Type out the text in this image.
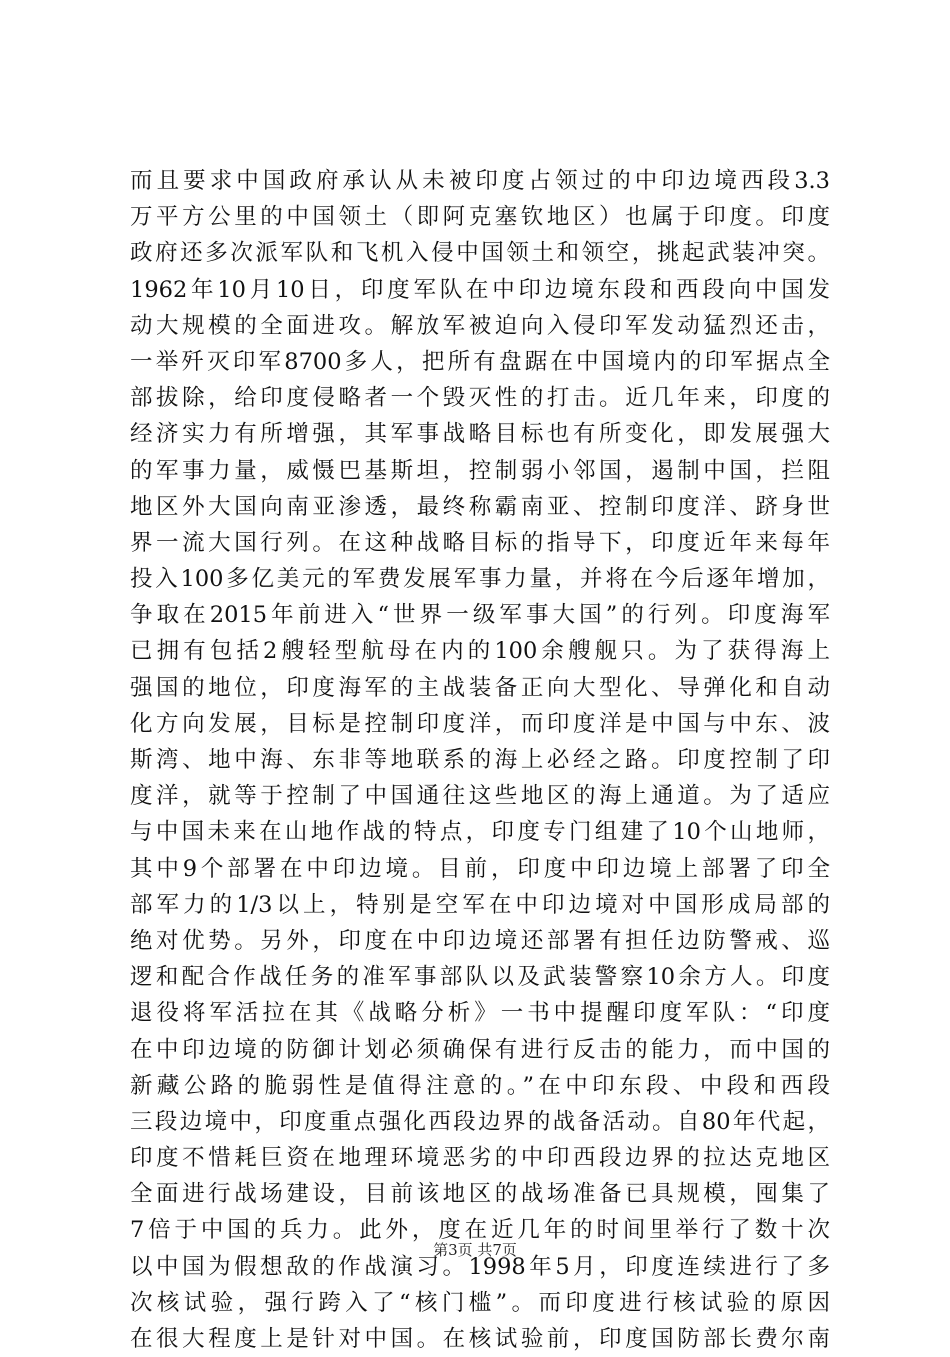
而且要求中国政府承认从未被印度占领过的中印边境西段3.3
万平方公里的中国领土（即阿克塞钦地区）也属于印度。印度
政府还多次派军队和飞机入侵中国领土和领空，挑起武装冲突。
1962年10月10日，印度军队在中印边境东段和西段向中国发
动大规模的全面进攻。解放军被迫向入侵印军发动猛烈还击，
一举歼灭印军8700多人，把所有盘踞在中国境内的印军据点全
部拔除，给印度侵略者一个毁灭性的打击。近几年来，印度的
经济实力有所增强，其军事战略目标也有所变化，即发展强大
的军事力量，威慑巴基斯坦，控制弱小邻国，遏制中国，拦阻
地区外大国向南亚渗透，最终称霸南亚、控制印度洋、跻身世
界一流大国行列。在这种战略目标的指导下，印度近年来每年
投入100多亿美元的军费发展军事力量，并将在今后逐年增加，
争取在2015年前进入“世界一级军事大国”的行列。印度海军
已拥有包括2艘轻型航母在内的100余艘舰只。为了获得海上
强国的地位，印度海军的主战装备正向大型化、导弹化和自动
化方向发展，目标是控制印度洋，而印度洋是中国与中东、波
斯湾、地中海、东非等地联系的海上必经之路。印度控制了印
度洋，就等于控制了中国通往这些地区的海上通道。为了适应
与中国未来在山地作战的特点，印度专门组建了10个山地师，
其中9个部署在中印边境。目前，印度中印边境上部署了印全
部军力的1/3以上，特别是空军在中印边境对中国形成局部的
绝对优势。另外，印度在中印边境还部署有担任边防警戒、巡
逻和配合作战任务的准军事部队以及武装警察10余方人。印度
退役将军活拉在其《战略分析》一书中提醒印度军队：“印度
在中印边境的防御计划必须确保有进行反击的能力，而中国的
新藏公路的脆弱性是值得注意的。”在中印东段、中段和西段
三段边境中，印度重点强化西段边界的战备活动。自80年代起，
印度不惜耗巨资在地理环境恶劣的中印西段边界的拉达克地区
全面进行战场建设，目前该地区的战场准备已具规模，囤集了
7倍于中国的兵力。此外，度在近几年的时间里举行了数十次
以中国为假想敌的作战演习。1998年5月，印度连续进行了多
次核试验，强行跨入了“核门槛”。而印度进行核试验的原因
在很大程度上是针对中国。在核试验前，印度国防部长费尔南
第3页 共7页
